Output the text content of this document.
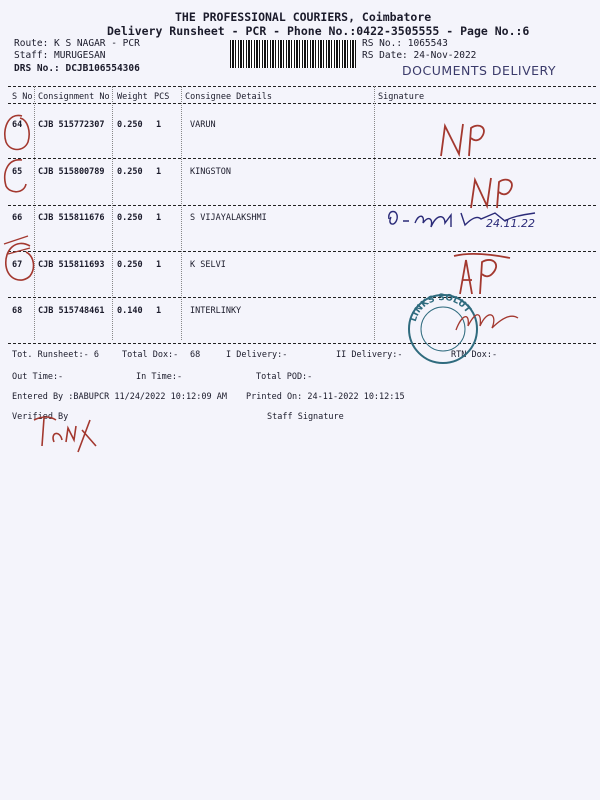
THE PROFESSIONAL COURIERS, Coimbatore
Delivery Runsheet - PCR - Phone No.:0422-3505555 - Page No.:6
Route: K S NAGAR - PCR
Staff: MURUGESAN
DRS No.: DCJB106554306
RS No.: 1065543
RS Date: 24-Nov-2022
DOCUMENTS DELIVERY
S No Consignment No Weight PCS Consignee Details	Signature
64 CJB 515772307 0.250 1	VARUN
65 CJB 515800789 0.250 1	KINGSTON
66 CJB 515811676 0.250 1	S VIJAYALAKSHMI
67 CJB 515811693 0.250 1	K SELVI
68 CJB 515748461 0.140 1	INTERLINKY
Tot. Runsheet:- 6	Total Dox:- 68	I Delivery:-	II Delivery:-	RTN Dox:-
Out Time:-	In Time:-	Total POD:-
Entered By :BABUPCR 11/24/2022 10:12:09 AM Printed On: 24-11-2022 10:12:15
Verified By	Staff Signature
24.11.22
LINKS SOLUT
